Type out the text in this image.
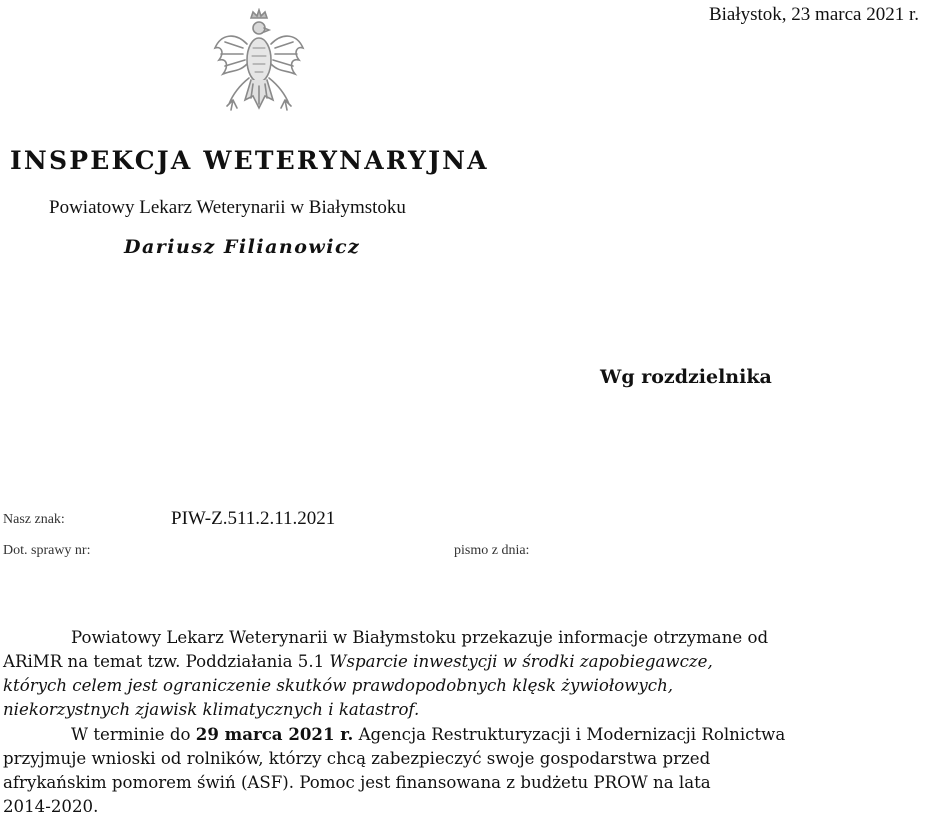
Białystok, 23 marca 2021 r.
INSPEKCJA WETERYNARYJNA
Powiatowy Lekarz Weterynarii w Białymstoku
Dariusz Filianowicz
Wg rozdzielnika
Nasz znak:	PIW-Z.511.2.11.2021
Dot. sprawy nr:	pismo z dnia:

Powiatowy Lekarz Weterynarii w Białymstoku przekazuje informacje otrzymane od

ARiMR na temat tzw. Poddziałania 5.1 Wsparcie inwestycji w środki zapobiegawcze,

których celem jest ograniczenie skutków prawdopodobnych klęsk żywiołowych,

niekorzystnych zjawisk klimatycznych i katastrof.

W terminie do 29 marca 2021 r. Agencja Restrukturyzacji i Modernizacji Rolnictwa

przyjmuje wnioski od rolników, którzy chcą zabezpieczyć swoje gospodarstwa przed

afrykańskim pomorem świń (ASF). Pomoc jest finansowana z budżetu PROW na lata

2014-2020.
